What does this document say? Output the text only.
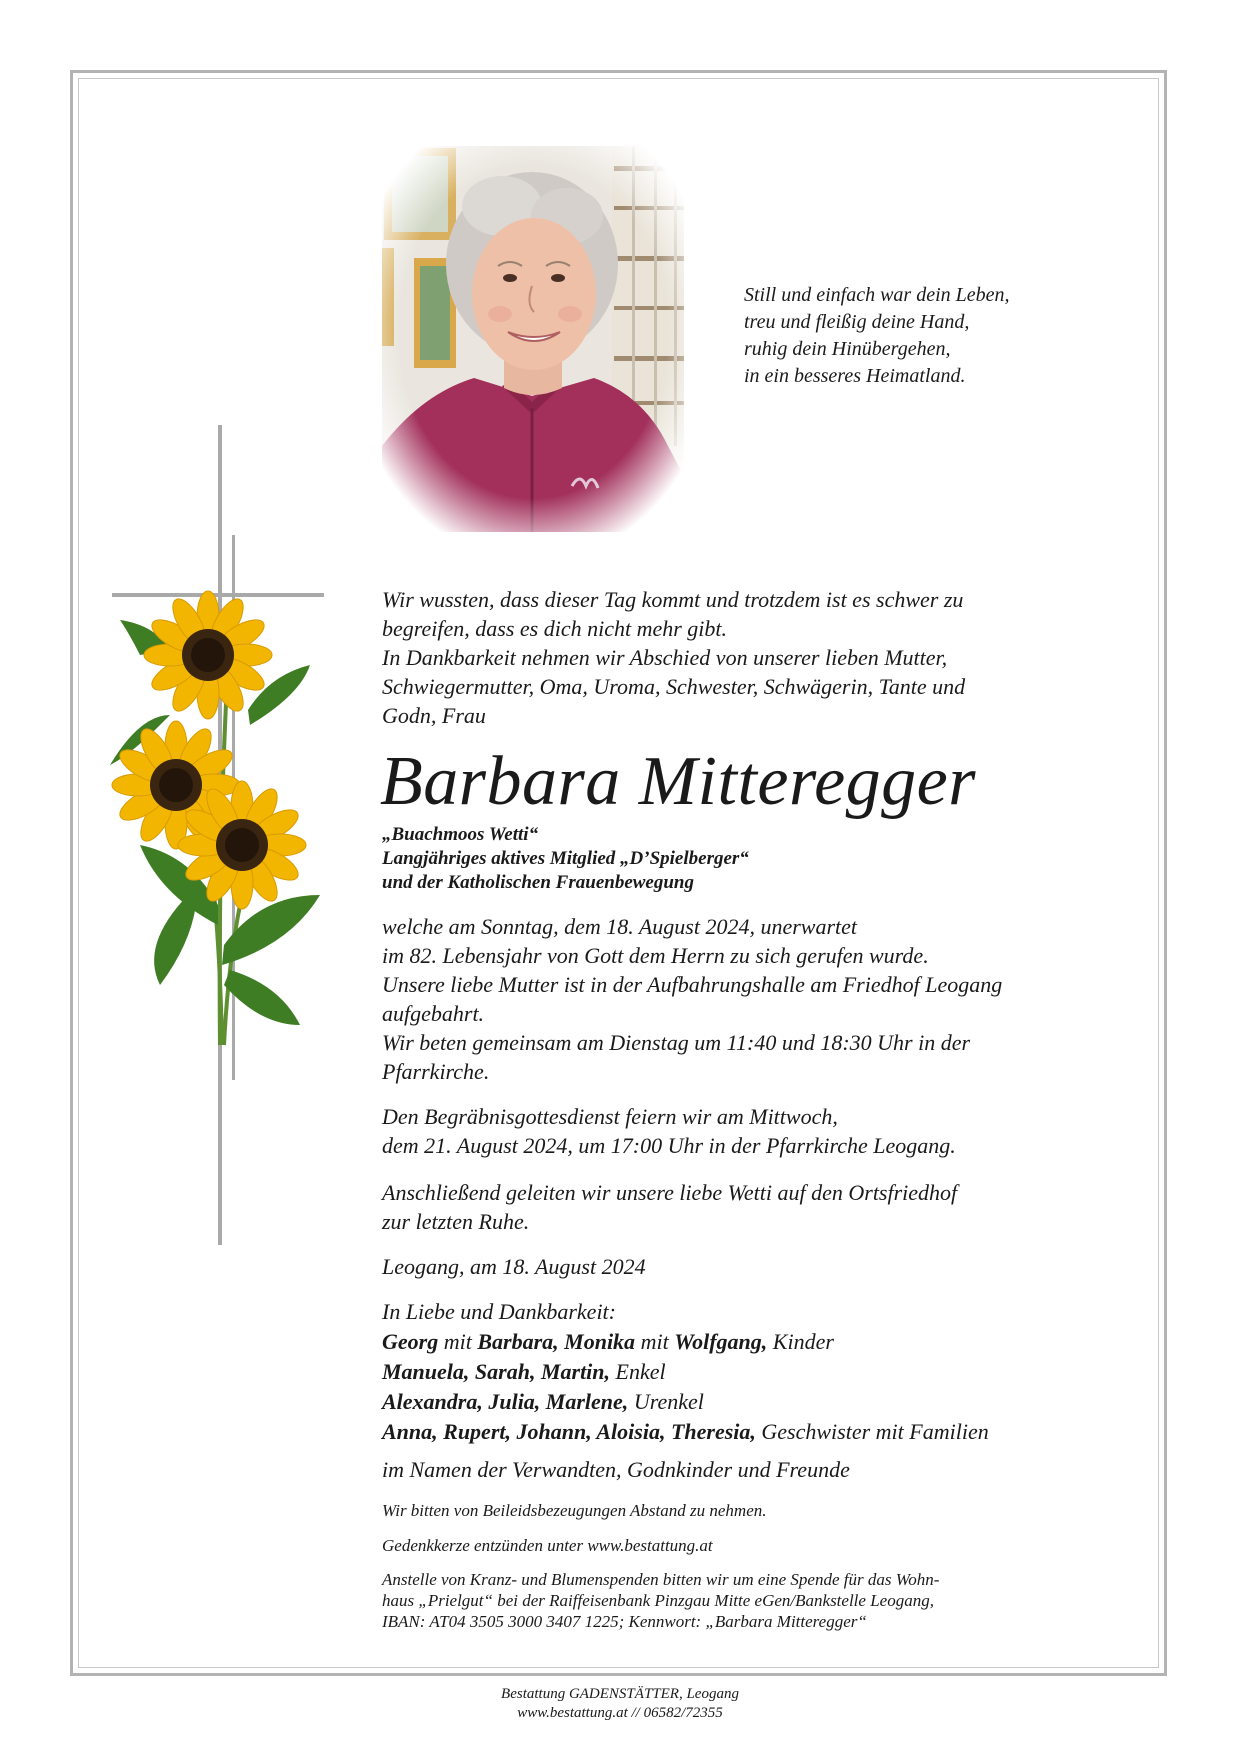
Still und einfach war dein Leben,
treu und fleißig deine Hand,
ruhig dein Hinübergehen,
in ein besseres Heimatland.
Wir wussten, dass dieser Tag kommt und trotzdem ist es schwer zu
begreifen, dass es dich nicht mehr gibt.
In Dankbarkeit nehmen wir Abschied von unserer lieben Mutter,
Schwiegermutter, Oma, Uroma, Schwester, Schwägerin, Tante und
Godn, Frau
Barbara Mitteregger
„Buachmoos Wetti“
Langjähriges aktives Mitglied „D’Spielberger“
und der Katholischen Frauenbewegung
welche am Sonntag, dem 18. August 2024, unerwartet
im 82. Lebensjahr von Gott dem Herrn zu sich gerufen wurde.
Unsere liebe Mutter ist in der Aufbahrungshalle am Friedhof Leogang
aufgebahrt.
Wir beten gemeinsam am Dienstag um 11:40 und 18:30 Uhr in der
Pfarrkirche.
Den Begräbnisgottesdienst feiern wir am Mittwoch,
dem 21. August 2024, um 17:00 Uhr in der Pfarrkirche Leogang.
Anschließend geleiten wir unsere liebe Wetti auf den Ortsfriedhof
zur letzten Ruhe.
Leogang, am 18. August 2024
In Liebe und Dankbarkeit:
Georg mit Barbara, Monika mit Wolfgang, Kinder
Manuela, Sarah, Martin, Enkel
Alexandra, Julia, Marlene, Urenkel
Anna, Rupert, Johann, Aloisia, Theresia, Geschwister mit Familien
im Namen der Verwandten, Godnkinder und Freunde
Wir bitten von Beileidsbezeugungen Abstand zu nehmen.
Gedenkkerze entzünden unter www.bestattung.at
Anstelle von Kranz- und Blumenspenden bitten wir um eine Spende für das Wohn-
haus „Prielgut“ bei der Raiffeisenbank Pinzgau Mitte eGen/Bankstelle Leogang,
IBAN: AT04 3505 3000 3407 1225; Kennwort: „Barbara Mitteregger“
Bestattung GADENSTÄTTER, Leogang
www.bestattung.at // 06582/72355
